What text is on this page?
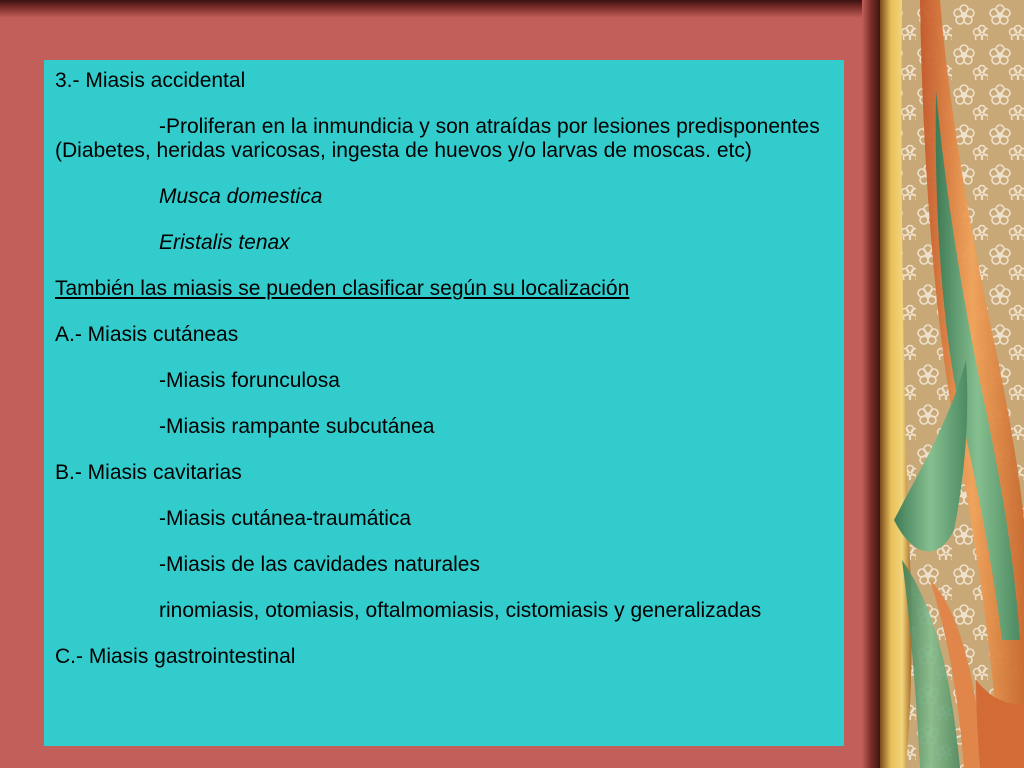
3.- Miasis accidental

-Proliferan en la inmundicia y son atraídas por lesiones predisponentes (Diabetes, heridas varicosas, ingesta de huevos y/o larvas de moscas. etc)

Musca domestica

Eristalis tenax

También las miasis se pueden clasificar según su localización

A.- Miasis cutáneas

-Miasis forunculosa

-Miasis rampante subcutánea

B.- Miasis cavitarias

-Miasis cutánea-traumática

-Miasis de las cavidades naturales

rinomiasis, otomiasis, oftalmomiasis, cistomiasis y generalizadas

C.- Miasis gastrointestinal
